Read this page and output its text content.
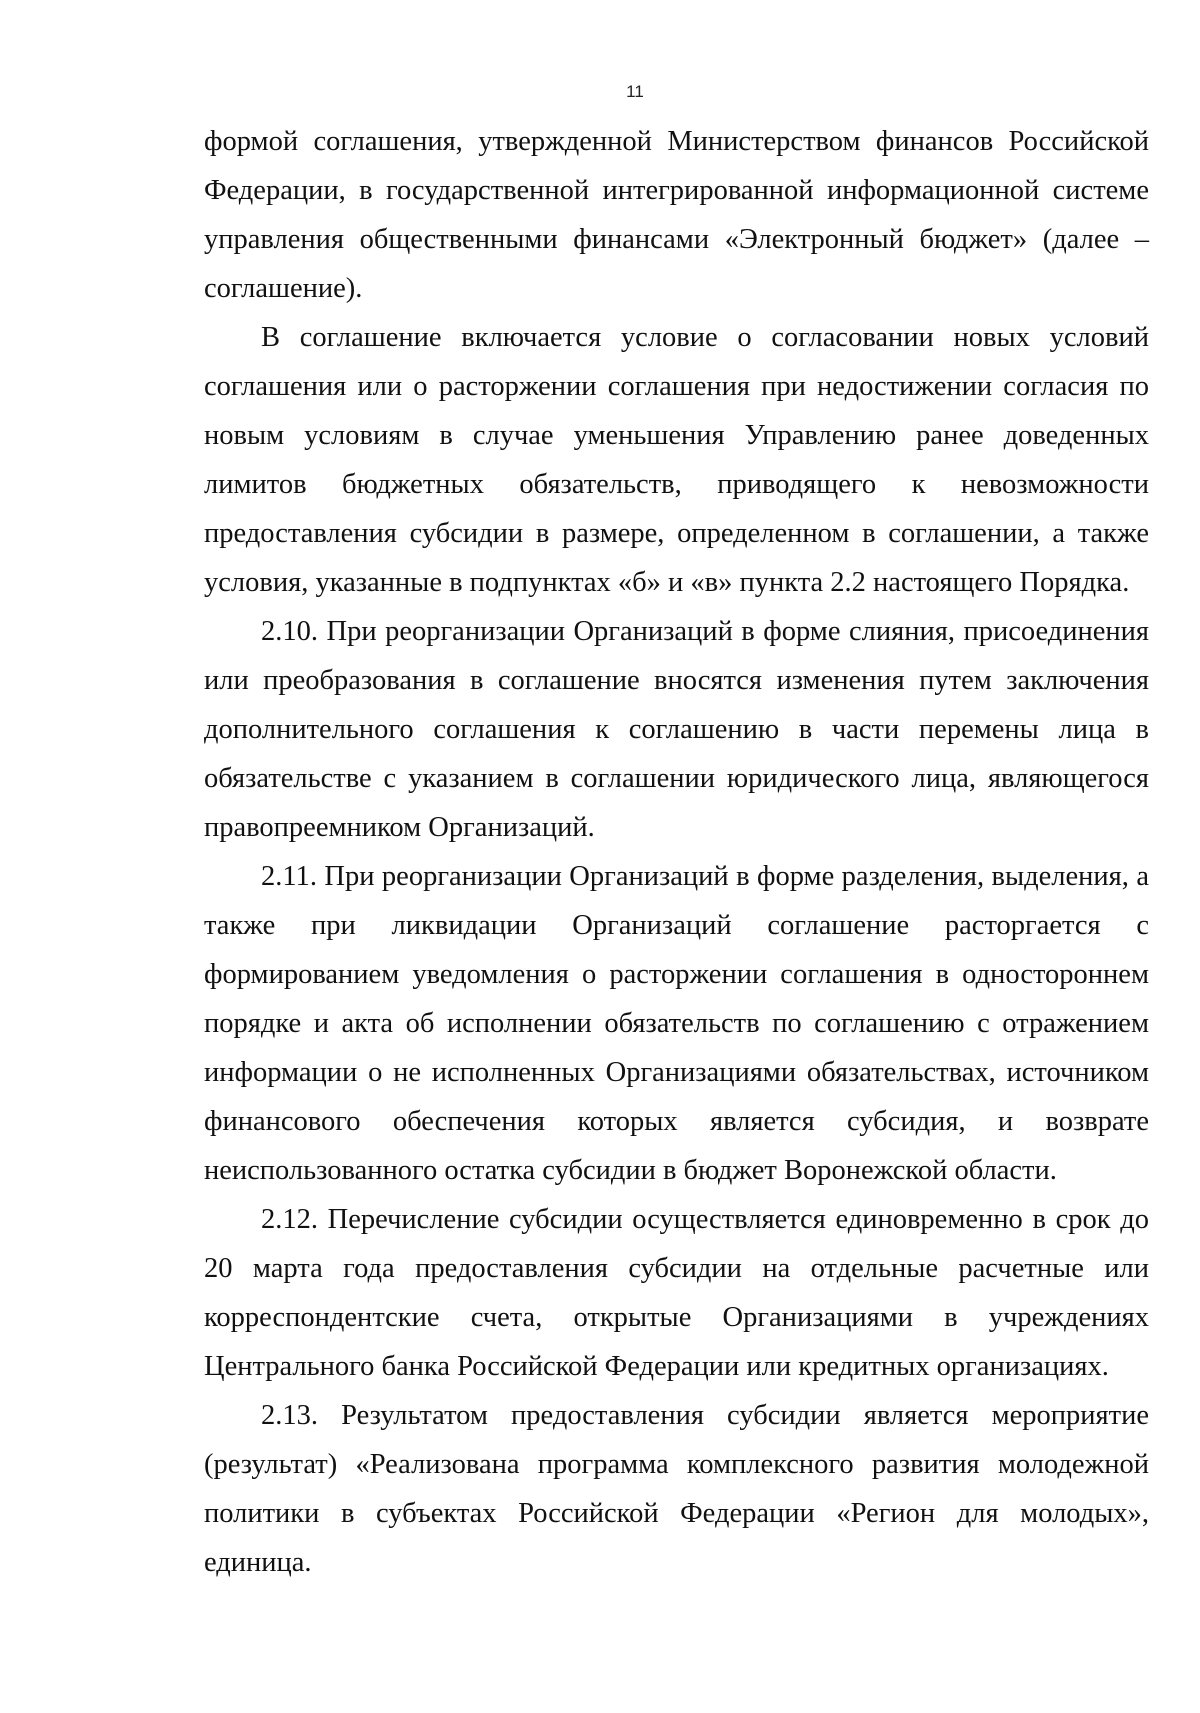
11

формой соглашения, утвержденной Министерством финансов Российской Федерации, в государственной интегрированной информационной системе управления общественными финансами «Электронный бюджет» (далее – соглашение).

В соглашение включается условие о согласовании новых условий соглашения или о расторжении соглашения при недостижении согласия по новым условиям в случае уменьшения Управлению ранее доведенных лимитов бюджетных обязательств, приводящего к невозможности предоставления субсидии в размере, определенном в соглашении, а также условия, указанные в подпунктах «б» и «в» пункта 2.2 настоящего Порядка.

2.10. При реорганизации Организаций в форме слияния, присоединения или преобразования в соглашение вносятся изменения путем заключения дополнительного соглашения к соглашению в части перемены лица в обязательстве с указанием в соглашении юридического лица, являющегося правопреемником Организаций.

2.11. При реорганизации Организаций в форме разделения, выделения, а также при ликвидации Организаций соглашение расторгается с формированием уведомления о расторжении соглашения в одностороннем порядке и акта об исполнении обязательств по соглашению с отражением информации о не исполненных Организациями обязательствах, источником финансового обеспечения которых является субсидия, и возврате неиспользованного остатка субсидии в бюджет Воронежской области.

2.12. Перечисление субсидии осуществляется единовременно в срок до 20 марта года предоставления субсидии на отдельные расчетные или корреспондентские счета, открытые Организациями в учреждениях Центрального банка Российской Федерации или кредитных организациях.

2.13. Результатом предоставления субсидии является мероприятие (результат) «Реализована программа комплексного развития молодежной политики в субъектах Российской Федерации «Регион для молодых», единица.
